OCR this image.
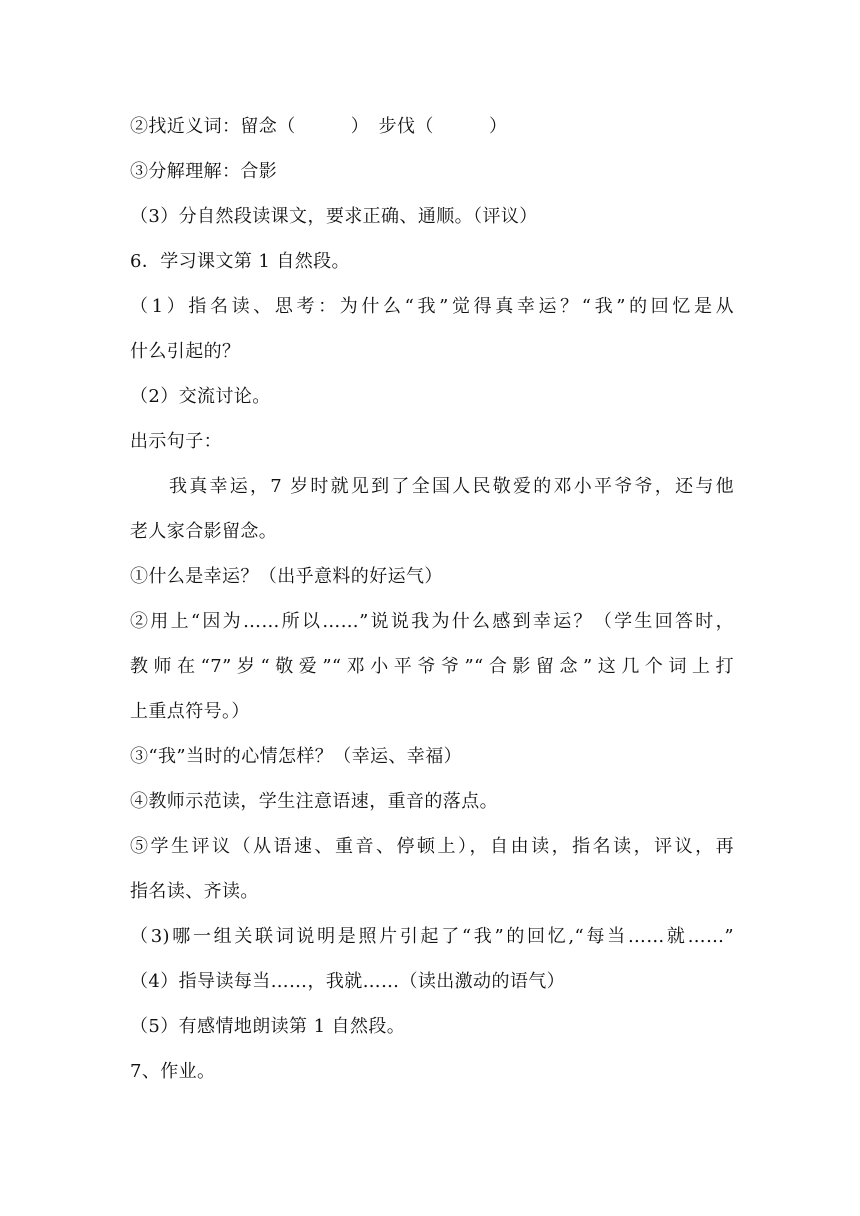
②找近义词：留念（　　　）　步伐（　　　）
③分解理解：合影
（3）分自然段读课文，要求正确、通顺。（评议）
6．学习课文第 1 自然段。
（1）指名读、思考：为什么“我”觉得真幸运？“我”的回忆是从
什么引起的？
（2）交流讨论。
出示句子：
我真幸运，7 岁时就见到了全国人民敬爱的邓小平爷爷，还与他
老人家合影留念。
①什么是幸运？（出乎意料的好运气）
②用上“因为……所以……”说说我为什么感到幸运？（学生回答时，
教师在“7”岁“敬爱”“邓小平爷爷”“合影留念”这几个词上打
上重点符号。）
③“我”当时的心情怎样？（幸运、幸福）
④教师示范读，学生注意语速，重音的落点。
⑤学生评议（从语速、重音、停顿上），自由读，指名读，评议，再
指名读、齐读。
（3)哪一组关联词说明是照片引起了“我”的回忆,“每当……就……”
（4）指导读每当……，我就……（读出激动的语气）
（5）有感情地朗读第 1 自然段。
7、作业。
